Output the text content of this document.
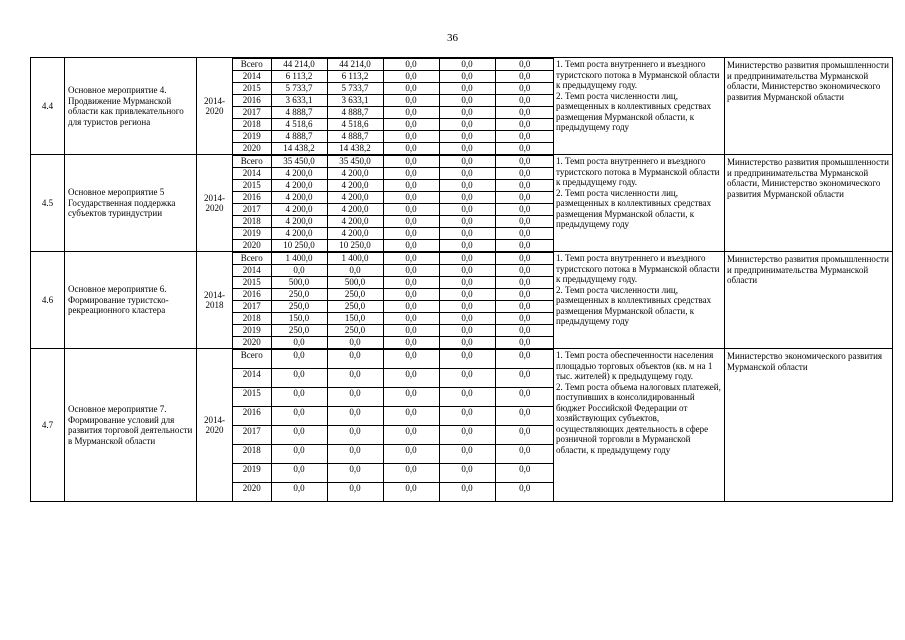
36
4.4	Основное мероприятие 4. Продвижение Мурманской области как привлекательного для туристов региона	2014-
2020	
Всего	44 214,0	44 214,0	0,0	0,0	0,0
2014	6 113,2	6 113,2	0,0	0,0	0,0
2015	5 733,7	5 733,7	0,0	0,0	0,0
2016	3 633,1	3 633,1	0,0	0,0	0,0
2017	4 888,7	4 888,7	0,0	0,0	0,0
2018	4 518,6	4 518,6	0,0	0,0	0,0
2019	4 888,7	4 888,7	0,0	0,0	0,0
2020	14 438,2	14 438,2	0,0	0,0	0,0
	1. Темп роста внутреннего и въездного туристского потока в Мурманской области к предыдущему году.
2. Темп роста численности лиц, размещенных в коллективных средствах размещения Мурманской области, к предыдущему году	Министерство развития промышленности и предпринимательства Мурманской области, Министерство экономического развития Мурманской области
4.5	Основное мероприятие 5 Государственная поддержка субъектов туриндустрии	2014-
2020	
Всего	35 450,0	35 450,0	0,0	0,0	0,0
2014	4 200,0	4 200,0	0,0	0,0	0,0
2015	4 200,0	4 200,0	0,0	0,0	0,0
2016	4 200,0	4 200,0	0,0	0,0	0,0
2017	4 200,0	4 200,0	0,0	0,0	0,0
2018	4 200,0	4 200,0	0,0	0,0	0,0
2019	4 200,0	4 200,0	0,0	0,0	0,0
2020	10 250,0	10 250,0	0,0	0,0	0,0
	1. Темп роста внутреннего и въездного туристского потока в Мурманской области к предыдущему году.
2. Темп роста численности лиц, размещенных в коллективных средствах размещения Мурманской области, к предыдущему году	Министерство развития промышленности и предпринимательства Мурманской области, Министерство экономического развития Мурманской области
4.6	Основное мероприятие 6. Формирование туристско-рекреационного кластера	2014-
2018	
Всего	1 400,0	1 400,0	0,0	0,0	0,0
2014	0,0	0,0	0,0	0,0	0,0
2015	500,0	500,0	0,0	0,0	0,0
2016	250,0	250,0	0,0	0,0	0,0
2017	250,0	250,0	0,0	0,0	0,0
2018	150,0	150,0	0,0	0,0	0,0
2019	250,0	250,0	0,0	0,0	0,0
2020	0,0	0,0	0,0	0,0	0,0
	1. Темп роста внутреннего и въездного туристского потока в Мурманской области к предыдущему году.
2. Темп роста численности лиц, размещенных в коллективных средствах размещения Мурманской области, к предыдущему году	Министерство развития промышленности и предпринимательства Мурманской области
4.7	Основное мероприятие 7. Формирование условий для развития торговой деятельности в Мурманской области	2014-
2020	
Всего	0,0	0,0	0,0	0,0	0,0
2014	0,0	0,0	0,0	0,0	0,0
2015	0,0	0,0	0,0	0,0	0,0
2016	0,0	0,0	0,0	0,0	0,0
2017	0,0	0,0	0,0	0,0	0,0
2018	0,0	0,0	0,0	0,0	0,0
2019	0,0	0,0	0,0	0,0	0,0
2020	0,0	0,0	0,0	0,0	0,0
	1. Темп роста обеспеченности населения площадью торговых объектов (кв. м на 1 тыс. жителей) к предыдущему году.
2. Темп роста объема налоговых платежей, поступивших в консолидированный бюджет Российской Федерации от хозяйствующих субъектов, осуществляющих деятельность в сфере розничной торговли в Мурманской области, к предыдущему году	Министерство экономического развития Мурманской области
